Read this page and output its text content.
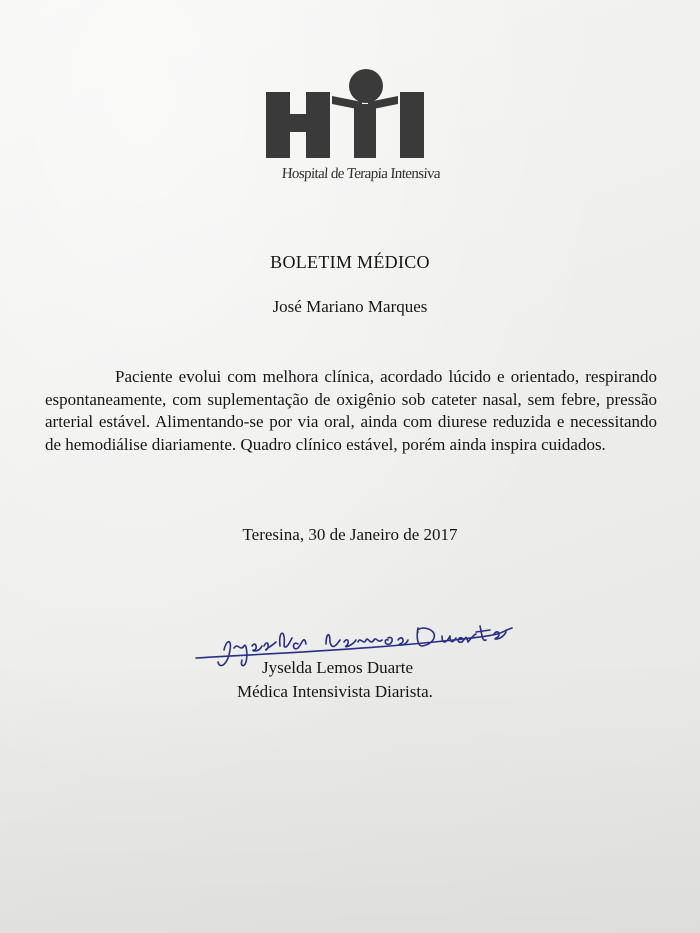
Hospital de Terapia Intensiva
BOLETIM MÉDICO
José Mariano Marques

Paciente evolui com melhora clínica, acordado lúcido e orientado, respirando espontaneamente, com suplementação de oxigênio sob cateter nasal, sem febre, pressão arterial estável. Alimentando-se por via oral, ainda com diurese reduzida e necessitando de hemodiálise diariamente. Quadro clínico estável, porém ainda inspira cuidados.

Teresina, 30 de Janeiro de 2017
Jyselda Lemos Duarte
Médica Intensivista Diarista.
